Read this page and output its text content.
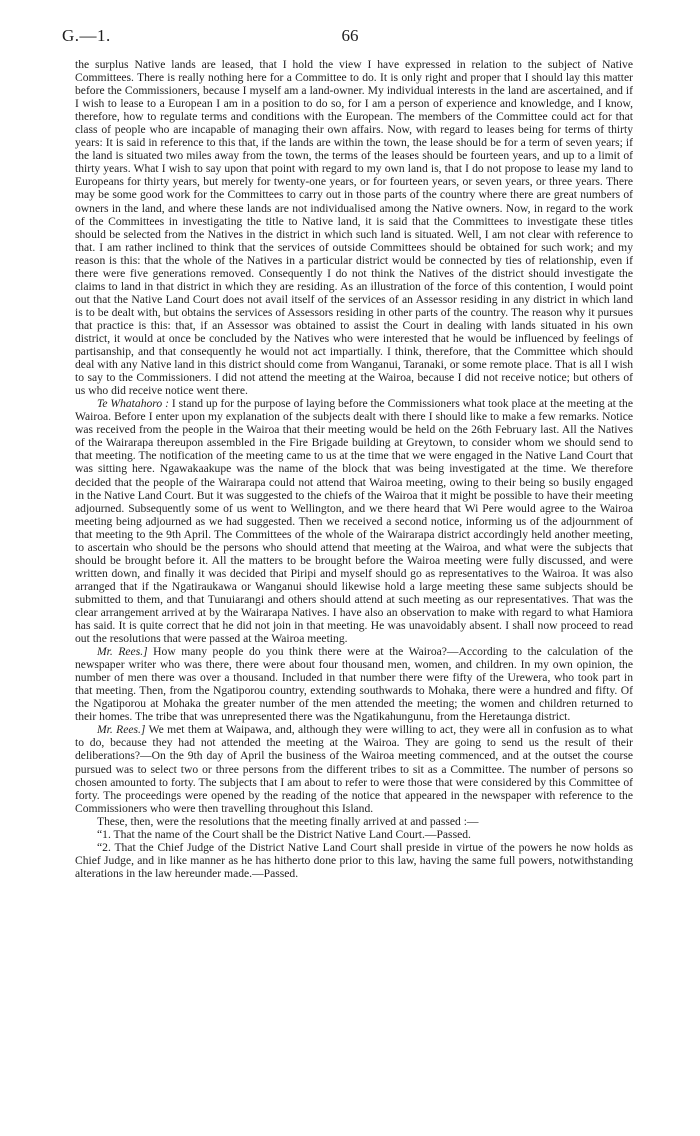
G.—1.	66

the surplus Native lands are leased, that I hold the view I have expressed in relation to the subject of Native Committees. There is really nothing here for a Committee to do. It is only right and proper that I should lay this matter before the Commissioners, because I myself am a land-owner. My individual interests in the land are ascertained, and if I wish to lease to a European I am in a position to do so, for I am a person of experience and knowledge, and I know, therefore, how to regulate terms and conditions with the European. The members of the Committee could act for that class of people who are incapable of managing their own affairs. Now, with regard to leases being for terms of thirty years: It is said in reference to this that, if the lands are within the town, the lease should be for a term of seven years; if the land is situated two miles away from the town, the terms of the leases should be fourteen years, and up to a limit of thirty years. What I wish to say upon that point with regard to my own land is, that I do not propose to lease my land to Europeans for thirty years, but merely for twenty-one years, or for fourteen years, or seven years, or three years. There may be some good work for the Committees to carry out in those parts of the country where there are great numbers of owners in the land, and where these lands are not individualised among the Native owners. Now, in regard to the work of the Committees in investigating the title to Native land, it is said that the Committees to investigate these titles should be selected from the Natives in the district in which such land is situated. Well, I am not clear with reference to that. I am rather inclined to think that the services of outside Committees should be obtained for such work; and my reason is this: that the whole of the Natives in a particular district would be connected by ties of relationship, even if there were five generations removed. Consequently I do not think the Natives of the district should investigate the claims to land in that district in which they are residing. As an illustration of the force of this contention, I would point out that the Native Land Court does not avail itself of the services of an Assessor residing in any district in which land is to be dealt with, but obtains the services of Assessors residing in other parts of the country. The reason why it pursues that practice is this: that, if an Assessor was obtained to assist the Court in dealing with lands situated in his own district, it would at once be concluded by the Natives who were interested that he would be influenced by feelings of partisanship, and that consequently he would not act impartially. I think, therefore, that the Committee which should deal with any Native land in this district should come from Wanganui, Taranaki, or some remote place. That is all I wish to say to the Commissioners. I did not attend the meeting at the Wairoa, because I did not receive notice; but others of us who did receive notice went there.

Te Whatahoro : I stand up for the purpose of laying before the Commissioners what took place at the meeting at the Wairoa. Before I enter upon my explanation of the subjects dealt with there I should like to make a few remarks. Notice was received from the people in the Wairoa that their meeting would be held on the 26th February last. All the Natives of the Wairarapa thereupon assembled in the Fire Brigade building at Greytown, to consider whom we should send to that meeting. The notification of the meeting came to us at the time that we were engaged in the Native Land Court that was sitting here. Ngawakaakupe was the name of the block that was being investigated at the time. We therefore decided that the people of the Wairarapa could not attend that Wairoa meeting, owing to their being so busily engaged in the Native Land Court. But it was suggested to the chiefs of the Wairoa that it might be possible to have their meeting adjourned. Subsequently some of us went to Wellington, and we there heard that Wi Pere would agree to the Wairoa meeting being adjourned as we had suggested. Then we received a second notice, informing us of the adjournment of that meeting to the 9th April. The Committees of the whole of the Wairarapa district accordingly held another meeting, to ascertain who should be the persons who should attend that meeting at the Wairoa, and what were the subjects that should be brought before it. All the matters to be brought before the Wairoa meeting were fully discussed, and were written down, and finally it was decided that Piripi and myself should go as representatives to the Wairoa. It was also arranged that if the Ngatiraukawa or Wanganui should likewise hold a large meeting these same subjects should be submitted to them, and that Tunuiarangi and others should attend at such meeting as our representatives. That was the clear arrangement arrived at by the Wairarapa Natives. I have also an observation to make with regard to what Hamiora has said. It is quite correct that he did not join in that meeting. He was unavoidably absent. I shall now proceed to read out the resolutions that were passed at the Wairoa meeting.

Mr. Rees.] How many people do you think there were at the Wairoa?—According to the calculation of the newspaper writer who was there, there were about four thousand men, women, and children. In my own opinion, the number of men there was over a thousand. Included in that number there were fifty of the Urewera, who took part in that meeting. Then, from the Ngatiporou country, extending southwards to Mohaka, there were a hundred and fifty. Of the Ngatiporou at Mohaka the greater number of the men attended the meeting; the women and children returned to their homes. The tribe that was unrepresented there was the Ngatikahungunu, from the Heretaunga district.

Mr. Rees.] We met them at Waipawa, and, although they were willing to act, they were all in confusion as to what to do, because they had not attended the meeting at the Wairoa. They are going to send us the result of their deliberations?—On the 9th day of April the business of the Wairoa meeting commenced, and at the outset the course pursued was to select two or three persons from the different tribes to sit as a Committee. The number of persons so chosen amounted to forty. The subjects that I am about to refer to were those that were considered by this Committee of forty. The proceedings were opened by the reading of the notice that appeared in the newspaper with reference to the Commissioners who were then travelling throughout this Island.

These, then, were the resolutions that the meeting finally arrived at and passed :—

“1. That the name of the Court shall be the District Native Land Court.—Passed.

“2. That the Chief Judge of the District Native Land Court shall preside in virtue of the powers he now holds as Chief Judge, and in like manner as he has hitherto done prior to this law, having the same full powers, notwithstanding alterations in the law hereunder made.—Passed.
